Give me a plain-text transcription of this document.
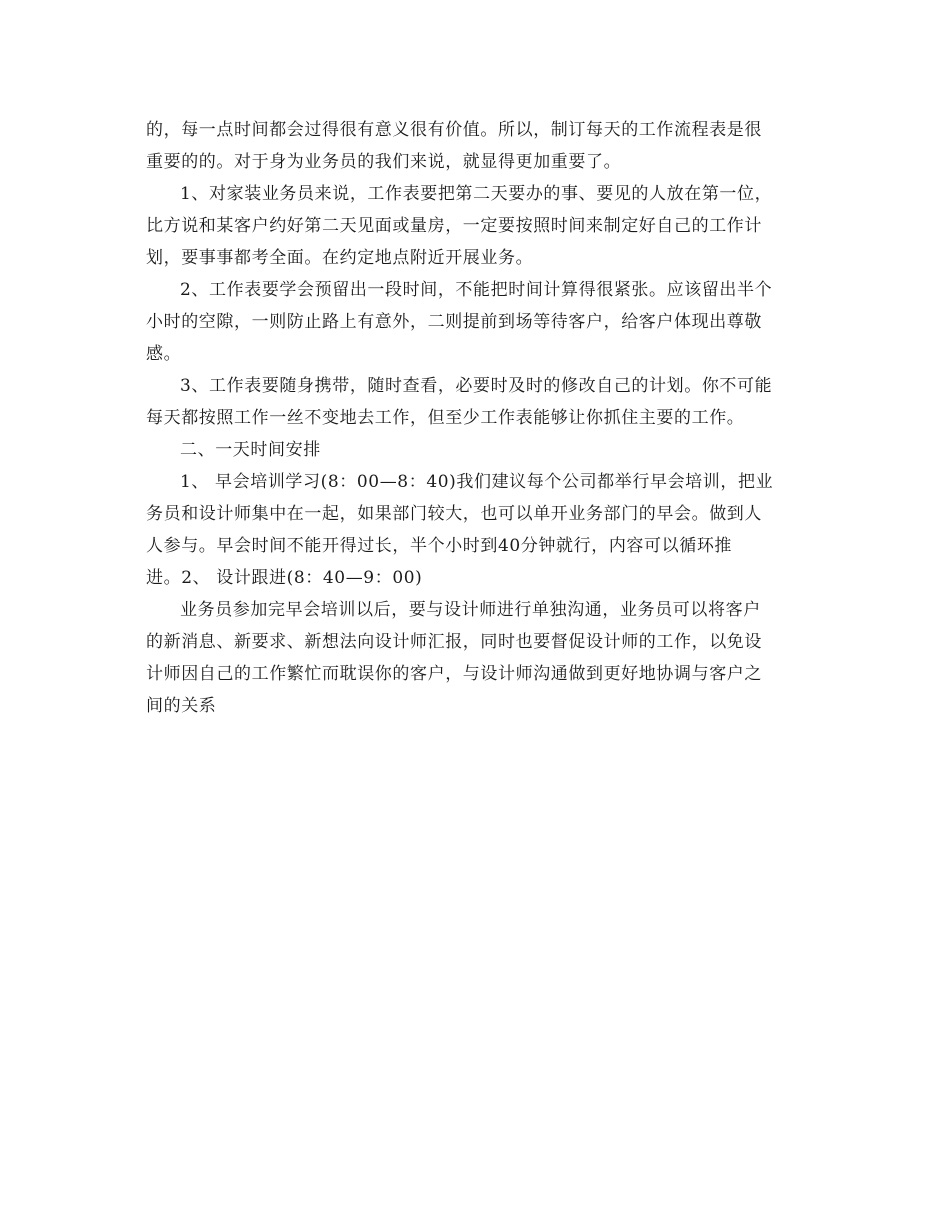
的，每一点时间都会过得很有意义很有价值。所以，制订每天的工作流程表是很
重要的的。对于身为业务员的我们来说，就显得更加重要了。
1、对家装业务员来说，工作表要把第二天要办的事、要见的人放在第一位，
比方说和某客户约好第二天见面或量房，一定要按照时间来制定好自己的工作计
划，要事事都考全面。在约定地点附近开展业务。
2、工作表要学会预留出一段时间，不能把时间计算得很紧张。应该留出半个
小时的空隙，一则防止路上有意外，二则提前到场等待客户，给客户体现出尊敬
感。
3、工作表要随身携带，随时查看，必要时及时的修改自己的计划。你不可能
每天都按照工作一丝不变地去工作，但至少工作表能够让你抓住主要的工作。
二、一天时间安排
1、 早会培训学习(8：00—8：40)我们建议每个公司都举行早会培训，把业
务员和设计师集中在一起，如果部门较大，也可以单开业务部门的早会。做到人
人参与。早会时间不能开得过长，半个小时到40分钟就行，内容可以循环推
进。2、 设计跟进(8：40—9：00)
业务员参加完早会培训以后，要与设计师进行单独沟通，业务员可以将客户
的新消息、新要求、新想法向设计师汇报，同时也要督促设计师的工作，以免设
计师因自己的工作繁忙而耽误你的客户，与设计师沟通做到更好地协调与客户之
间的关系
